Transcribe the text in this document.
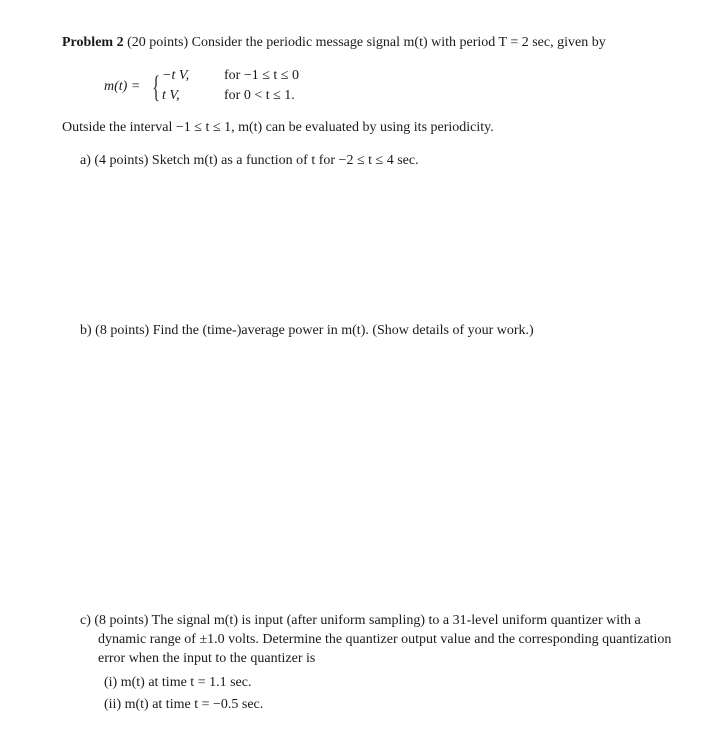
Problem 2 (20 points) Consider the periodic message signal m(t) with period T = 2 sec, given by
m(t) = { −t V, for −1 ≤ t ≤ 0
t V,	for 0 < t ≤ 1.
Outside the interval −1 ≤ t ≤ 1, m(t) can be evaluated by using its periodicity.
a) (4 points) Sketch m(t) as a function of t for −2 ≤ t ≤ 4 sec.
b) (8 points) Find the (time-)average power in m(t). (Show details of your work.)
c) (8 points) The signal m(t) is input (after uniform sampling) to a 31-level uniform quantizer with a
dynamic range of ±1.0 volts. Determine the quantizer output value and the corresponding quantization
error when the input to the quantizer is
(i) m(t) at time t = 1.1 sec.
(ii) m(t) at time t = −0.5 sec.
